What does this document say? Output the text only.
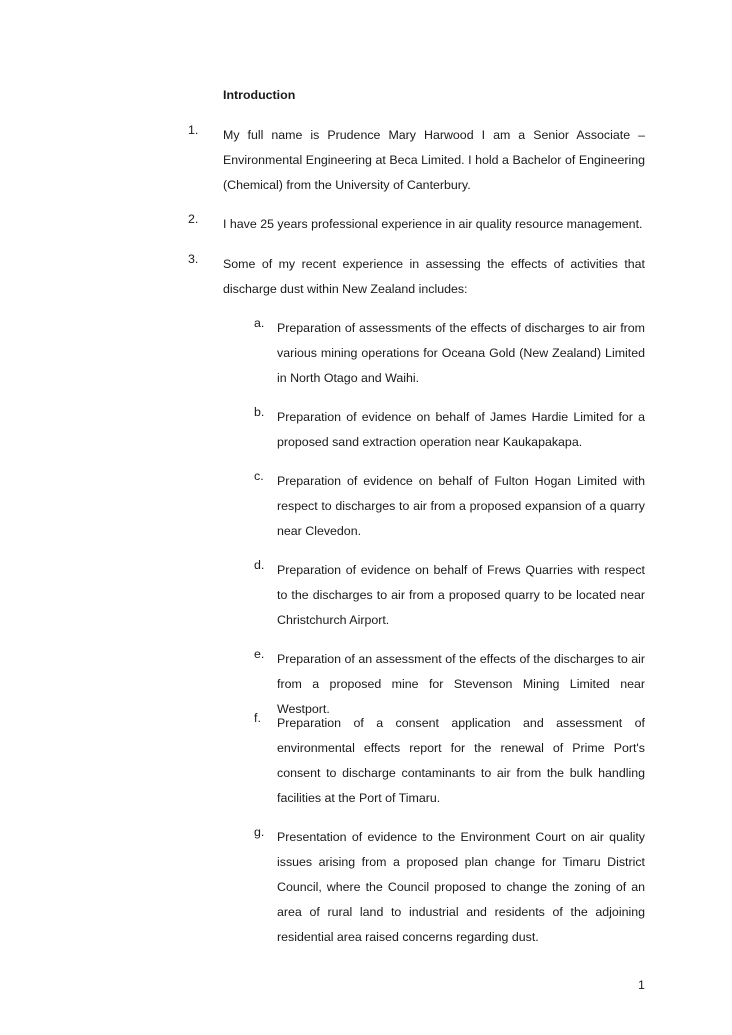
Introduction
1.	My full name is Prudence Mary Harwood I am a Senior Associate – Environmental Engineering at Beca Limited. I hold a Bachelor of Engineering (Chemical) from the University of Canterbury.
2.	I have 25 years professional experience in air quality resource management.
3.	Some of my recent experience in assessing the effects of activities that discharge dust within New Zealand includes:
a.	Preparation of assessments of the effects of discharges to air from various mining operations for Oceana Gold (New Zealand) Limited in North Otago and Waihi.
b.	Preparation of evidence on behalf of James Hardie Limited for a proposed sand extraction operation near Kaukapakapa.
c.	Preparation of evidence on behalf of Fulton Hogan Limited with respect to discharges to air from a proposed expansion of a quarry near Clevedon.
d.	Preparation of evidence on behalf of Frews Quarries with respect to the discharges to air from a proposed quarry to be located near Christchurch Airport.
e.	Preparation of an assessment of the effects of the discharges to air from a proposed mine for Stevenson Mining Limited near Westport.
f.	Preparation of a consent application and assessment of environmental effects report for the renewal of Prime Port's consent to discharge contaminants to air from the bulk handling facilities at the Port of Timaru.
g.	Presentation of evidence to the Environment Court on air quality issues arising from a proposed plan change for Timaru District Council, where the Council proposed to change the zoning of an area of rural land to industrial and residents of the adjoining residential area raised concerns regarding dust.
1
